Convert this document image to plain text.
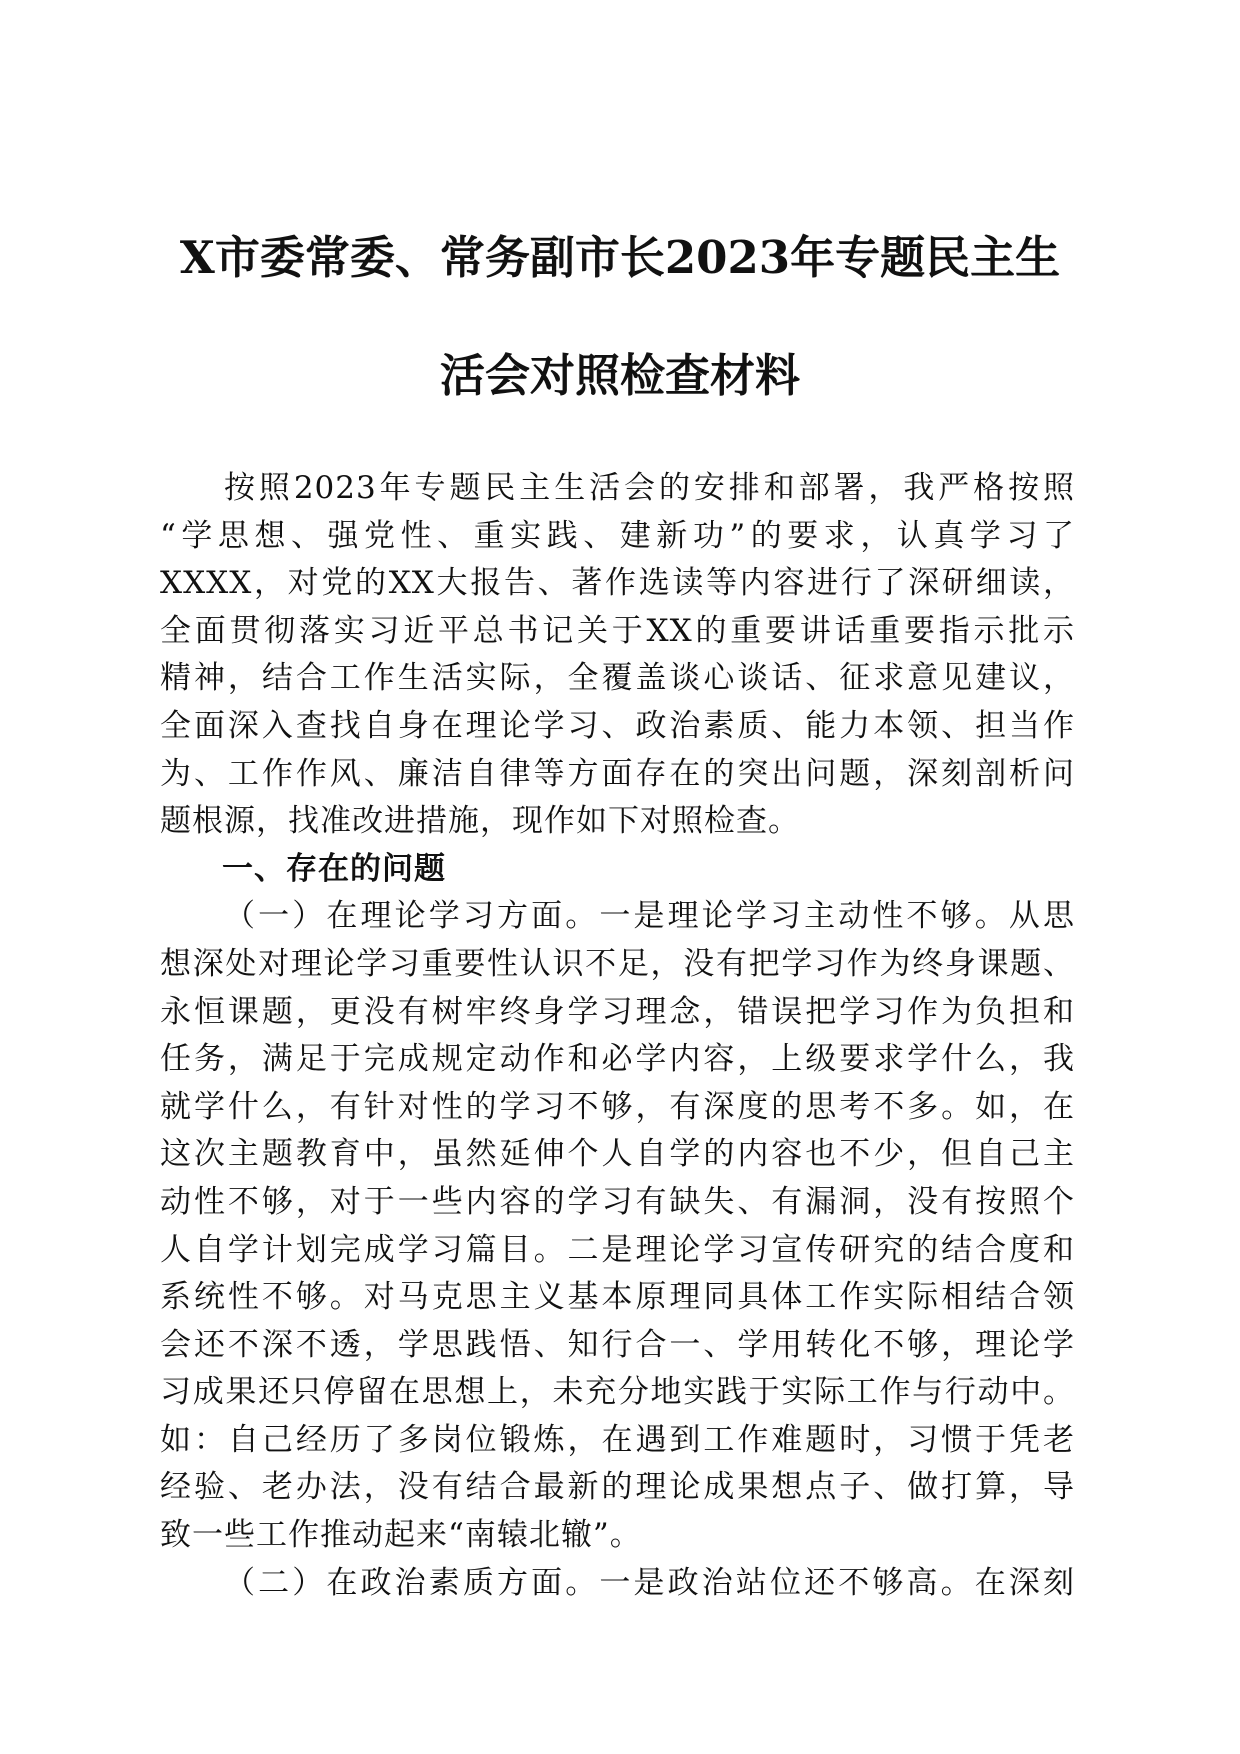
X市委常委、常务副市长2023年专题民主生
活会对照检查材料
按照2023年专题民主生活会的安排和部署，我严格按照
“学思想、强党性、重实践、建新功”的要求，认真学习了
XXXX，对党的XX大报告、著作选读等内容进行了深研细读，
全面贯彻落实习近平总书记关于XX的重要讲话重要指示批示
精神，结合工作生活实际，全覆盖谈心谈话、征求意见建议，
全面深入查找自身在理论学习、政治素质、能力本领、担当作
为、工作作风、廉洁自律等方面存在的突出问题，深刻剖析问
题根源，找准改进措施，现作如下对照检查。
一、存在的问题
（一）在理论学习方面。一是理论学习主动性不够。从思
想深处对理论学习重要性认识不足，没有把学习作为终身课题、
永恒课题，更没有树牢终身学习理念，错误把学习作为负担和
任务，满足于完成规定动作和必学内容，上级要求学什么，我
就学什么，有针对性的学习不够，有深度的思考不多。如，在
这次主题教育中，虽然延伸个人自学的内容也不少，但自己主
动性不够，对于一些内容的学习有缺失、有漏洞，没有按照个
人自学计划完成学习篇目。二是理论学习宣传研究的结合度和
系统性不够。对马克思主义基本原理同具体工作实际相结合领
会还不深不透，学思践悟、知行合一、学用转化不够，理论学
习成果还只停留在思想上，未充分地实践于实际工作与行动中。
如：自己经历了多岗位锻炼，在遇到工作难题时，习惯于凭老
经验、老办法，没有结合最新的理论成果想点子、做打算，导
致一些工作推动起来“南辕北辙”。
（二）在政治素质方面。一是政治站位还不够高。在深刻
